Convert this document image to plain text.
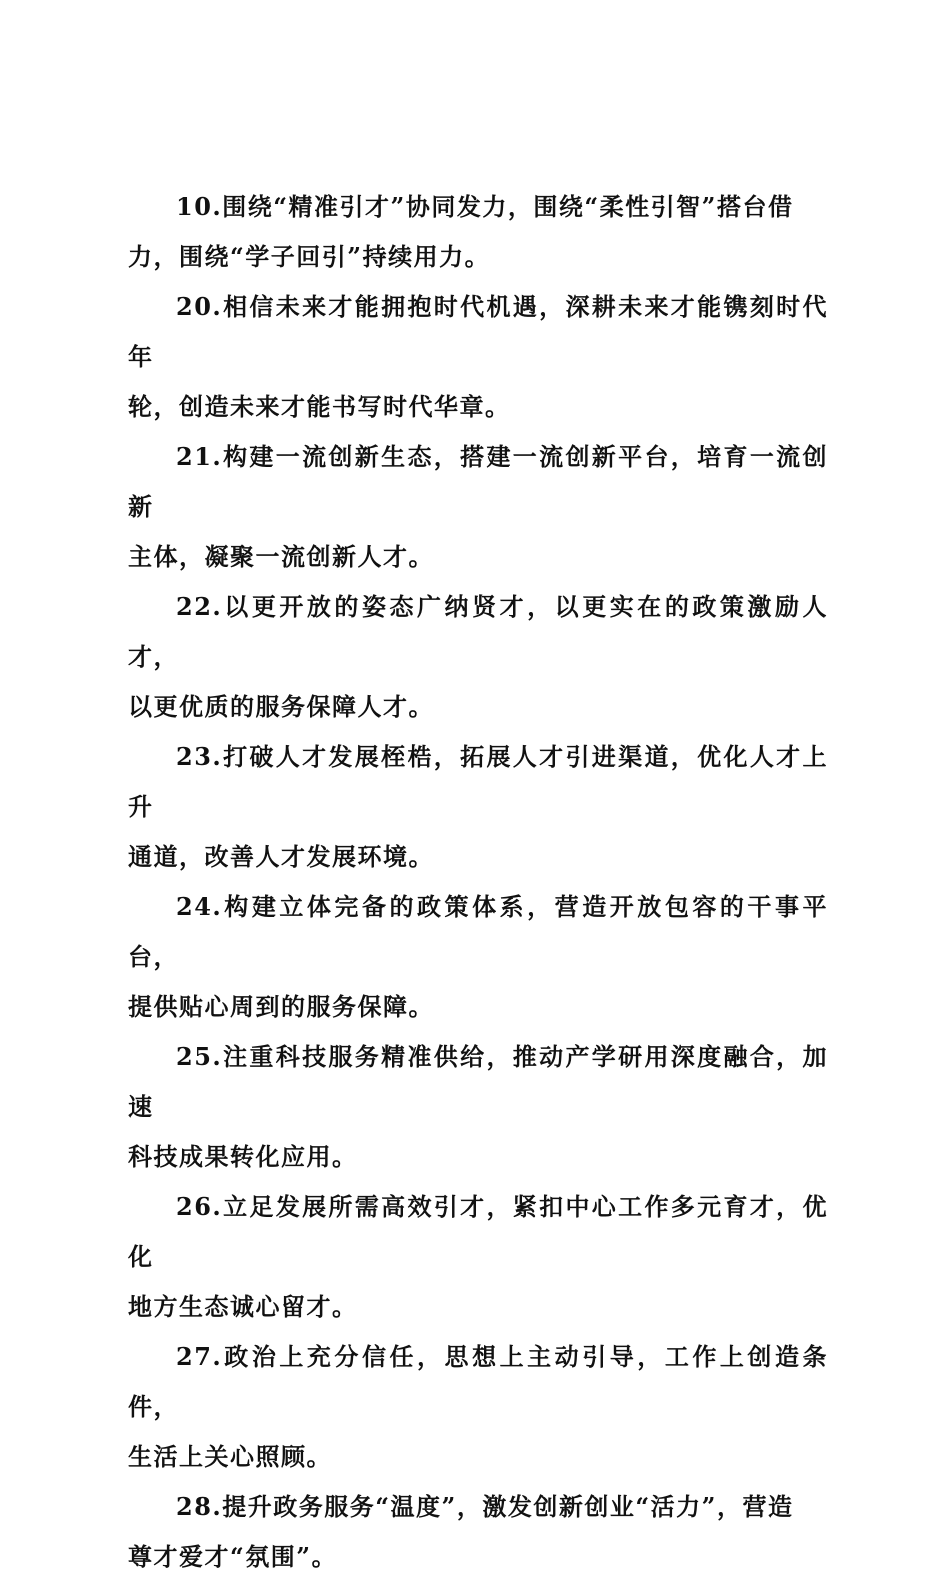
10.围绕“精准引才”协同发力，围绕“柔性引智”搭台借
力，围绕“学子回引”持续用力。

20.相信未来才能拥抱时代机遇，深耕未来才能镌刻时代年
轮，创造未来才能书写时代华章。

21.构建一流创新生态，搭建一流创新平台，培育一流创新
主体，凝聚一流创新人才。

22.以更开放的姿态广纳贤才，以更实在的政策激励人才，
以更优质的服务保障人才。

23.打破人才发展桎梏，拓展人才引进渠道，优化人才上升
通道，改善人才发展环境。

24.构建立体完备的政策体系，营造开放包容的干事平台，
提供贴心周到的服务保障。

25.注重科技服务精准供给，推动产学研用深度融合，加速
科技成果转化应用。

26.立足发展所需高效引才，紧扣中心工作多元育才，优化
地方生态诚心留才。

27.政治上充分信任，思想上主动引导，工作上创造条件，
生活上关心照顾。

28.提升政务服务“温度”，激发创新创业“活力”，营造
尊才爱才“氛围”。
